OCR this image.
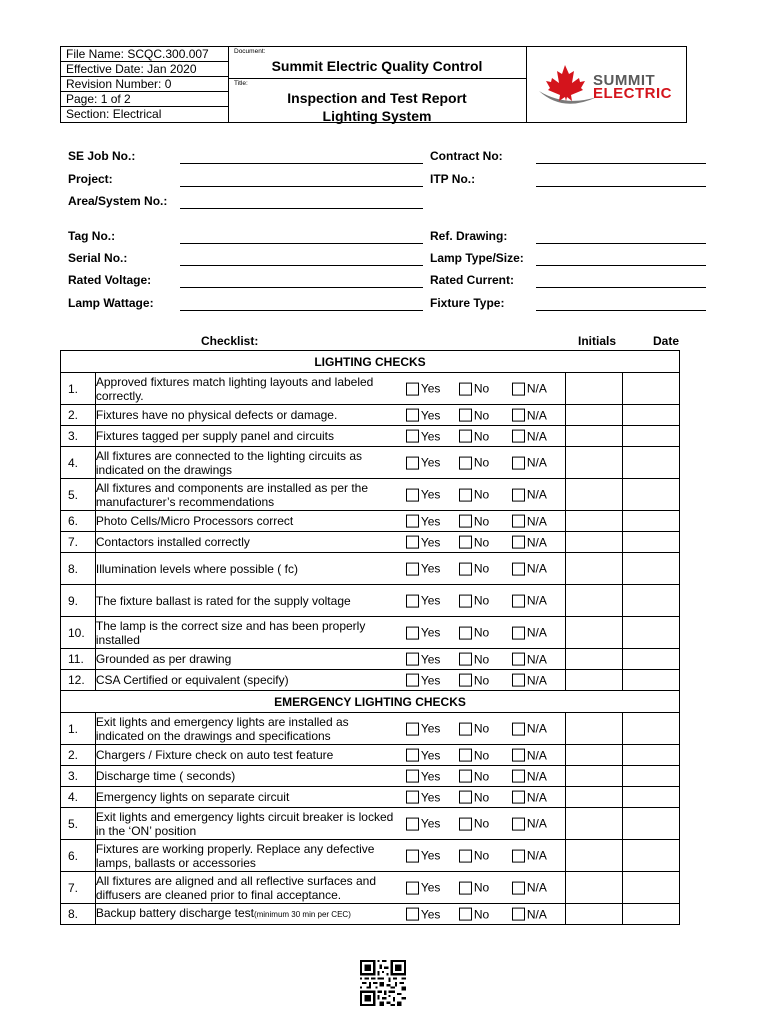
File Name: SCQC.300.007
Effective Date: Jan 2020
Revision Number: 0
Page: 1 of 2
Section: Electrical
Document:
Summit Electric Quality Control
Title:
Inspection and Test Report
Lighting System
SUMMIT
ELECTRIC
SE Job No.:
Project:
Area/System No.:
Tag No.:
Serial No.:
Rated Voltage:
Lamp Wattage:
Contract No:
ITP No.:
Ref. Drawing:
Lamp Type/Size:
Rated Current:
Fixture Type:
Checklist:	Initials	Date
LIGHTING CHECKS			
1.	Approved fixtures match lighting layouts and labeled correctly. Yes No N/A		

2.	Fixtures have no physical defects or damage. Yes No N/A		

3.	Fixtures tagged per supply panel and circuits Yes No N/A		

4.	All fixtures are connected to the lighting circuits as indicated on the drawings Yes No N/A		

5.	All fixtures and components are installed as per the manufacturer’s recommendations Yes No N/A		

6.	Photo Cells/Micro Processors correct Yes No N/A		

7.	Contactors installed correctly Yes No N/A		

8.	Illumination levels where possible ( fc) Yes No N/A		

9.	The fixture ballast is rated for the supply voltage Yes No N/A		

10.	The lamp is the correct size and has been properly installed Yes No N/A		

11.	Grounded as per drawing Yes No N/A		

12.	CSA Certified or equivalent (specify) Yes No N/A		

EMERGENCY LIGHTING CHECKS			
1.	Exit lights and emergency lights are installed as indicated on the drawings and specifications Yes No N/A		

2.	Chargers / Fixture check on auto test feature Yes No N/A		

3.	Discharge time ( seconds) Yes No N/A		

4.	Emergency lights on separate circuit Yes No N/A		

5.	Exit lights and emergency lights circuit breaker is locked in the ‘ON’ position Yes No N/A		

6.	Fixtures are working properly. Replace any defective lamps, ballasts or accessories Yes No N/A		

7.	All fixtures are aligned and all reflective surfaces and diffusers are cleaned prior to final acceptance. Yes No N/A		

8.	Backup battery discharge test(minimum 30 min per CEC) Yes No N/A		
